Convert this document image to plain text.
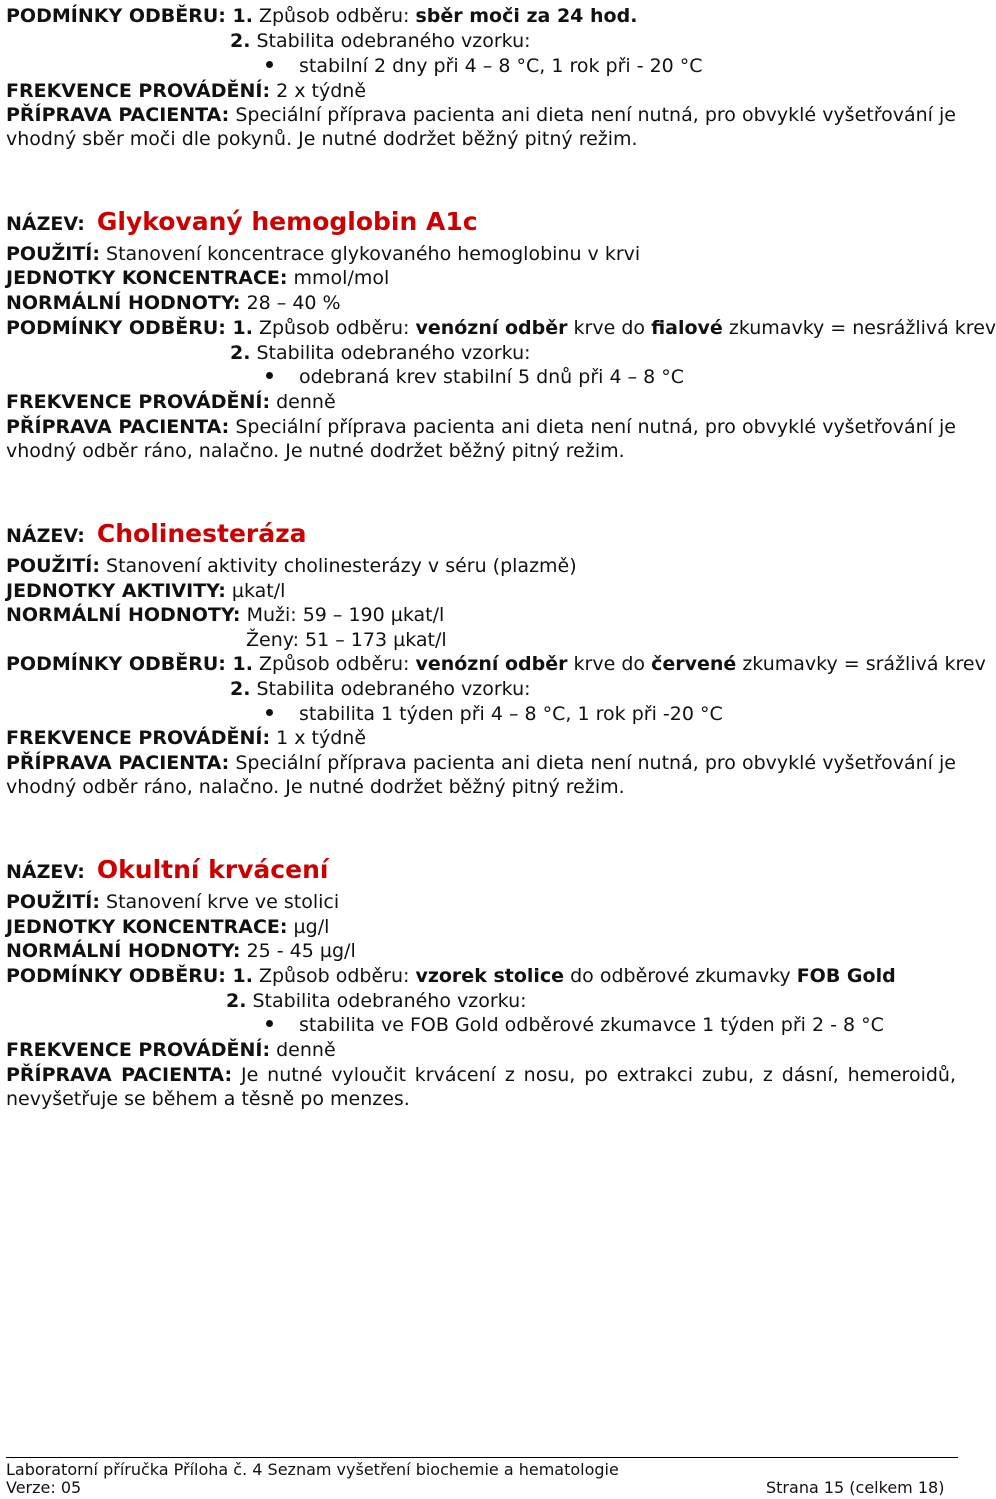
PODMÍNKY ODBĚRU: 1. Způsob odběru: sběr moči za 24 hod.
2. Stabilita odebraného vzorku:
stabilní 2 dny při 4 – 8 °C, 1 rok při - 20 °C
FREKVENCE PROVÁDĚNÍ: 2 x týdně
PŘÍPRAVA PACIENTA: Speciální příprava pacienta ani dieta není nutná, pro obvyklé vyšetřování je
vhodný sběr moči dle pokynů. Je nutné dodržet běžný pitný režim.
NÁZEV: Glykovaný hemoglobin A1c
POUŽITÍ: Stanovení koncentrace glykovaného hemoglobinu v krvi
JEDNOTKY KONCENTRACE: mmol/mol
NORMÁLNÍ HODNOTY: 28 – 40 %
PODMÍNKY ODBĚRU: 1. Způsob odběru: venózní odběr krve do fialové zkumavky = nesrážlivá krev
2. Stabilita odebraného vzorku:
odebraná krev stabilní 5 dnů při 4 – 8 °C
FREKVENCE PROVÁDĚNÍ: denně
PŘÍPRAVA PACIENTA: Speciální příprava pacienta ani dieta není nutná, pro obvyklé vyšetřování je
vhodný odběr ráno, nalačno. Je nutné dodržet běžný pitný režim.
NÁZEV: Cholinesteráza
POUŽITÍ: Stanovení aktivity cholinesterázy v séru (plazmě)
JEDNOTKY AKTIVITY: µkat/l
NORMÁLNÍ HODNOTY: Muži: 59 – 190 µkat/l
Ženy: 51 – 173 µkat/l
PODMÍNKY ODBĚRU: 1. Způsob odběru: venózní odběr krve do červené zkumavky = srážlivá krev
2. Stabilita odebraného vzorku:
stabilita 1 týden při 4 – 8 °C, 1 rok při -20 °C
FREKVENCE PROVÁDĚNÍ: 1 x týdně
PŘÍPRAVA PACIENTA: Speciální příprava pacienta ani dieta není nutná, pro obvyklé vyšetřování je
vhodný odběr ráno, nalačno. Je nutné dodržet běžný pitný režim.
NÁZEV: Okultní krvácení
POUŽITÍ: Stanovení krve ve stolici
JEDNOTKY KONCENTRACE: µg/l
NORMÁLNÍ HODNOTY: 25 - 45 µg/l
PODMÍNKY ODBĚRU: 1. Způsob odběru: vzorek stolice do odběrové zkumavky FOB Gold
2. Stabilita odebraného vzorku:
stabilita ve FOB Gold odběrové zkumavce 1 týden při 2 - 8 °C
FREKVENCE PROVÁDĚNÍ: denně
PŘÍPRAVA PACIENTA: Je nutné vyloučit krvácení z nosu, po extrakci zubu, z dásní, hemeroidů,
nevyšetřuje se během a těsně po menzes.
Laboratorní příručka Příloha č. 4 Seznam vyšetření biochemie a hematologie
Verze: 05	Strana 15 (celkem 18)
